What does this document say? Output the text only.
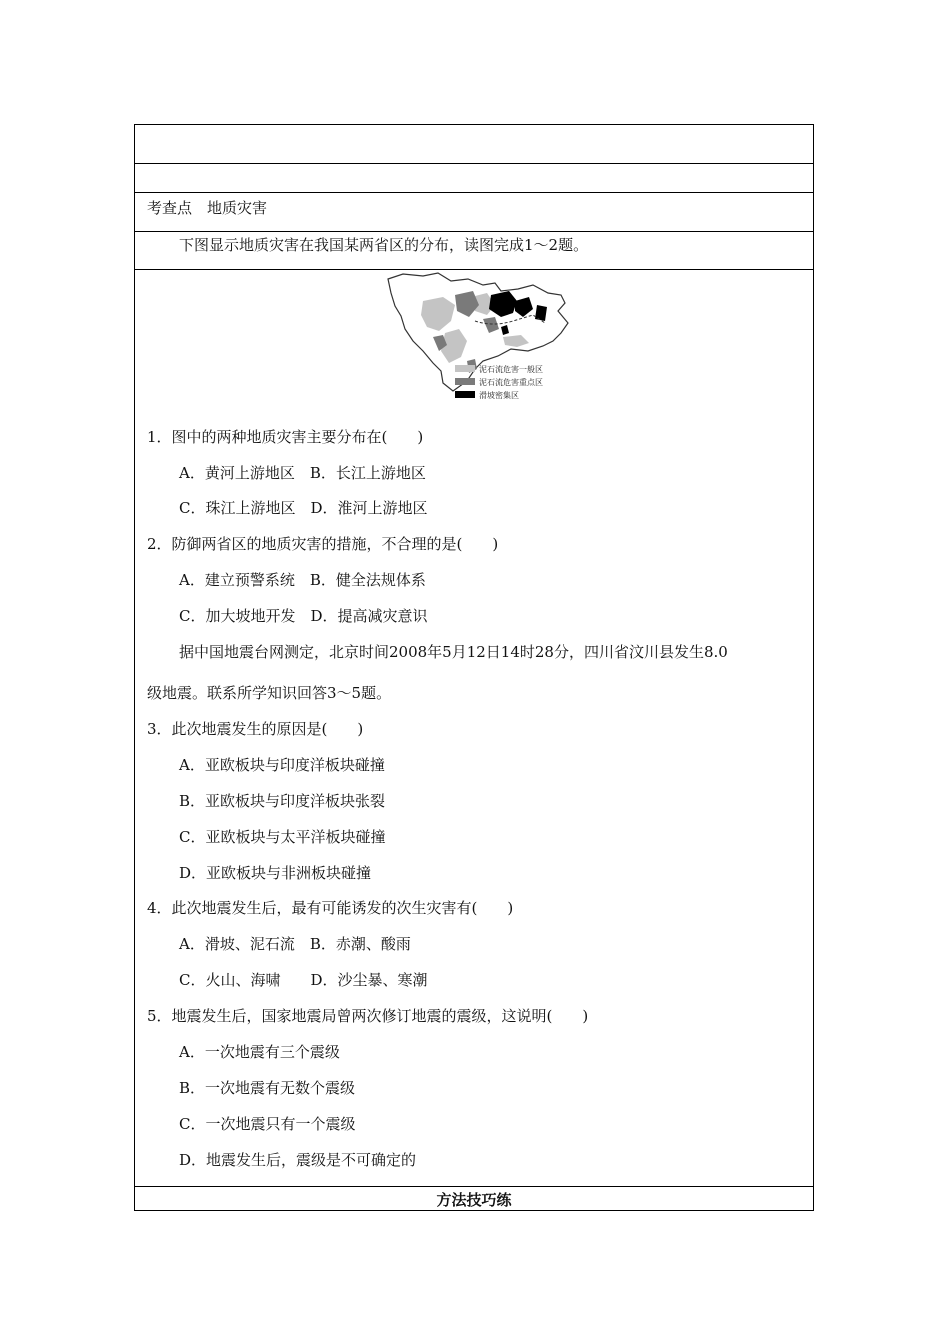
考查点　 地质灾害
下图显示地质灾害在我国某两省区的分布，读图完成1～2题。
泥石流危害一般区
泥石流危害重点区
滑坡密集区
1．图中的两种地质灾害主要分布在(　　)
A．黄河上游地区　B．长江上游地区
C．珠江上游地区　D．淮河上游地区
2．防御两省区的地质灾害的措施，不合理的是(　　)
A．建立预警系统　B．健全法规体系
C．加大坡地开发　D．提高减灾意识
据中国地震台网测定，北京时间2008年5月12日14时28分，四川省汶川县发生8.0
级地震。联系所学知识回答3～5题。
3．此次地震发生的原因是(　　)
A．亚欧板块与印度洋板块碰撞
B．亚欧板块与印度洋板块张裂
C．亚欧板块与太平洋板块碰撞
D．亚欧板块与非洲板块碰撞
4．此次地震发生后，最有可能诱发的次生灾害有(　　)
A．滑坡、泥石流　B．赤潮、酸雨
C．火山、海啸　　D．沙尘暴、寒潮
5．地震发生后，国家地震局曾两次修订地震的震级，这说明(　　)
A．一次地震有三个震级
B．一次地震有无数个震级
C．一次地震只有一个震级
D．地震发生后，震级是不可确定的
方法技巧练
